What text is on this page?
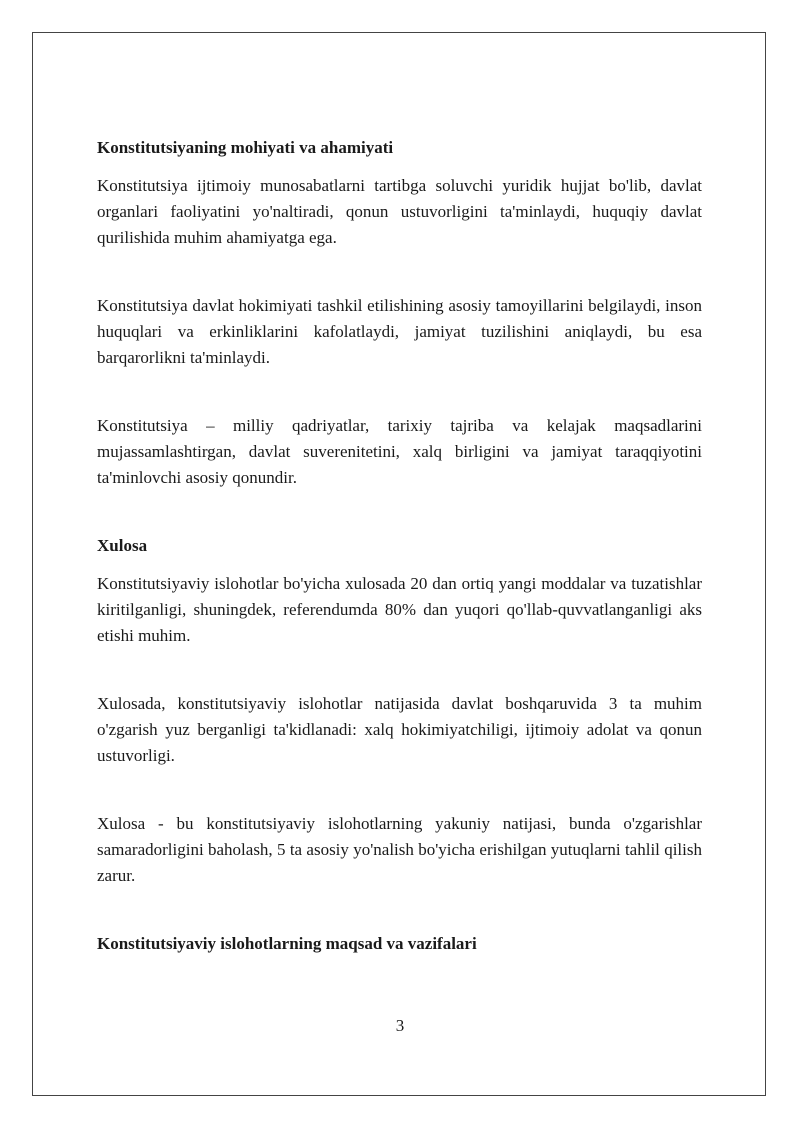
Konstitutsiyaning mohiyati va ahamiyati

Konstitutsiya ijtimoiy munosabatlarni tartibga soluvchi yuridik hujjat bo'lib, davlat organlari faoliyatini yo'naltiradi, qonun ustuvorligini ta'minlaydi, huquqiy davlat qurilishida muhim ahamiyatga ega.

Konstitutsiya davlat hokimiyati tashkil etilishining asosiy tamoyillarini belgilaydi, inson huquqlari va erkinliklarini kafolatlaydi, jamiyat tuzilishini aniqlaydi, bu esa barqarorlikni ta'minlaydi.

Konstitutsiya – milliy qadriyatlar, tarixiy tajriba va kelajak maqsadlarini mujassamlashtirgan, davlat suverenitetini, xalq birligini va jamiyat taraqqiyotini ta'minlovchi asosiy qonundir.

Xulosa

Konstitutsiyaviy islohotlar bo'yicha xulosada 20 dan ortiq yangi moddalar va tuzatishlar kiritilganligi, shuningdek, referendumda 80% dan yuqori qo'llab-quvvatlanganligi aks etishi muhim.

Xulosada, konstitutsiyaviy islohotlar natijasida davlat boshqaruvida 3 ta muhim o'zgarish yuz berganligi ta'kidlanadi: xalq hokimiyatchiligi, ijtimoiy adolat va qonun ustuvorligi.

Xulosa - bu konstitutsiyaviy islohotlarning yakuniy natijasi, bunda o'zgarishlar samaradorligini baholash, 5 ta asosiy yo'nalish bo'yicha erishilgan yutuqlarni tahlil qilish zarur.

Konstitutsiyaviy islohotlarning maqsad va vazifalari
3
